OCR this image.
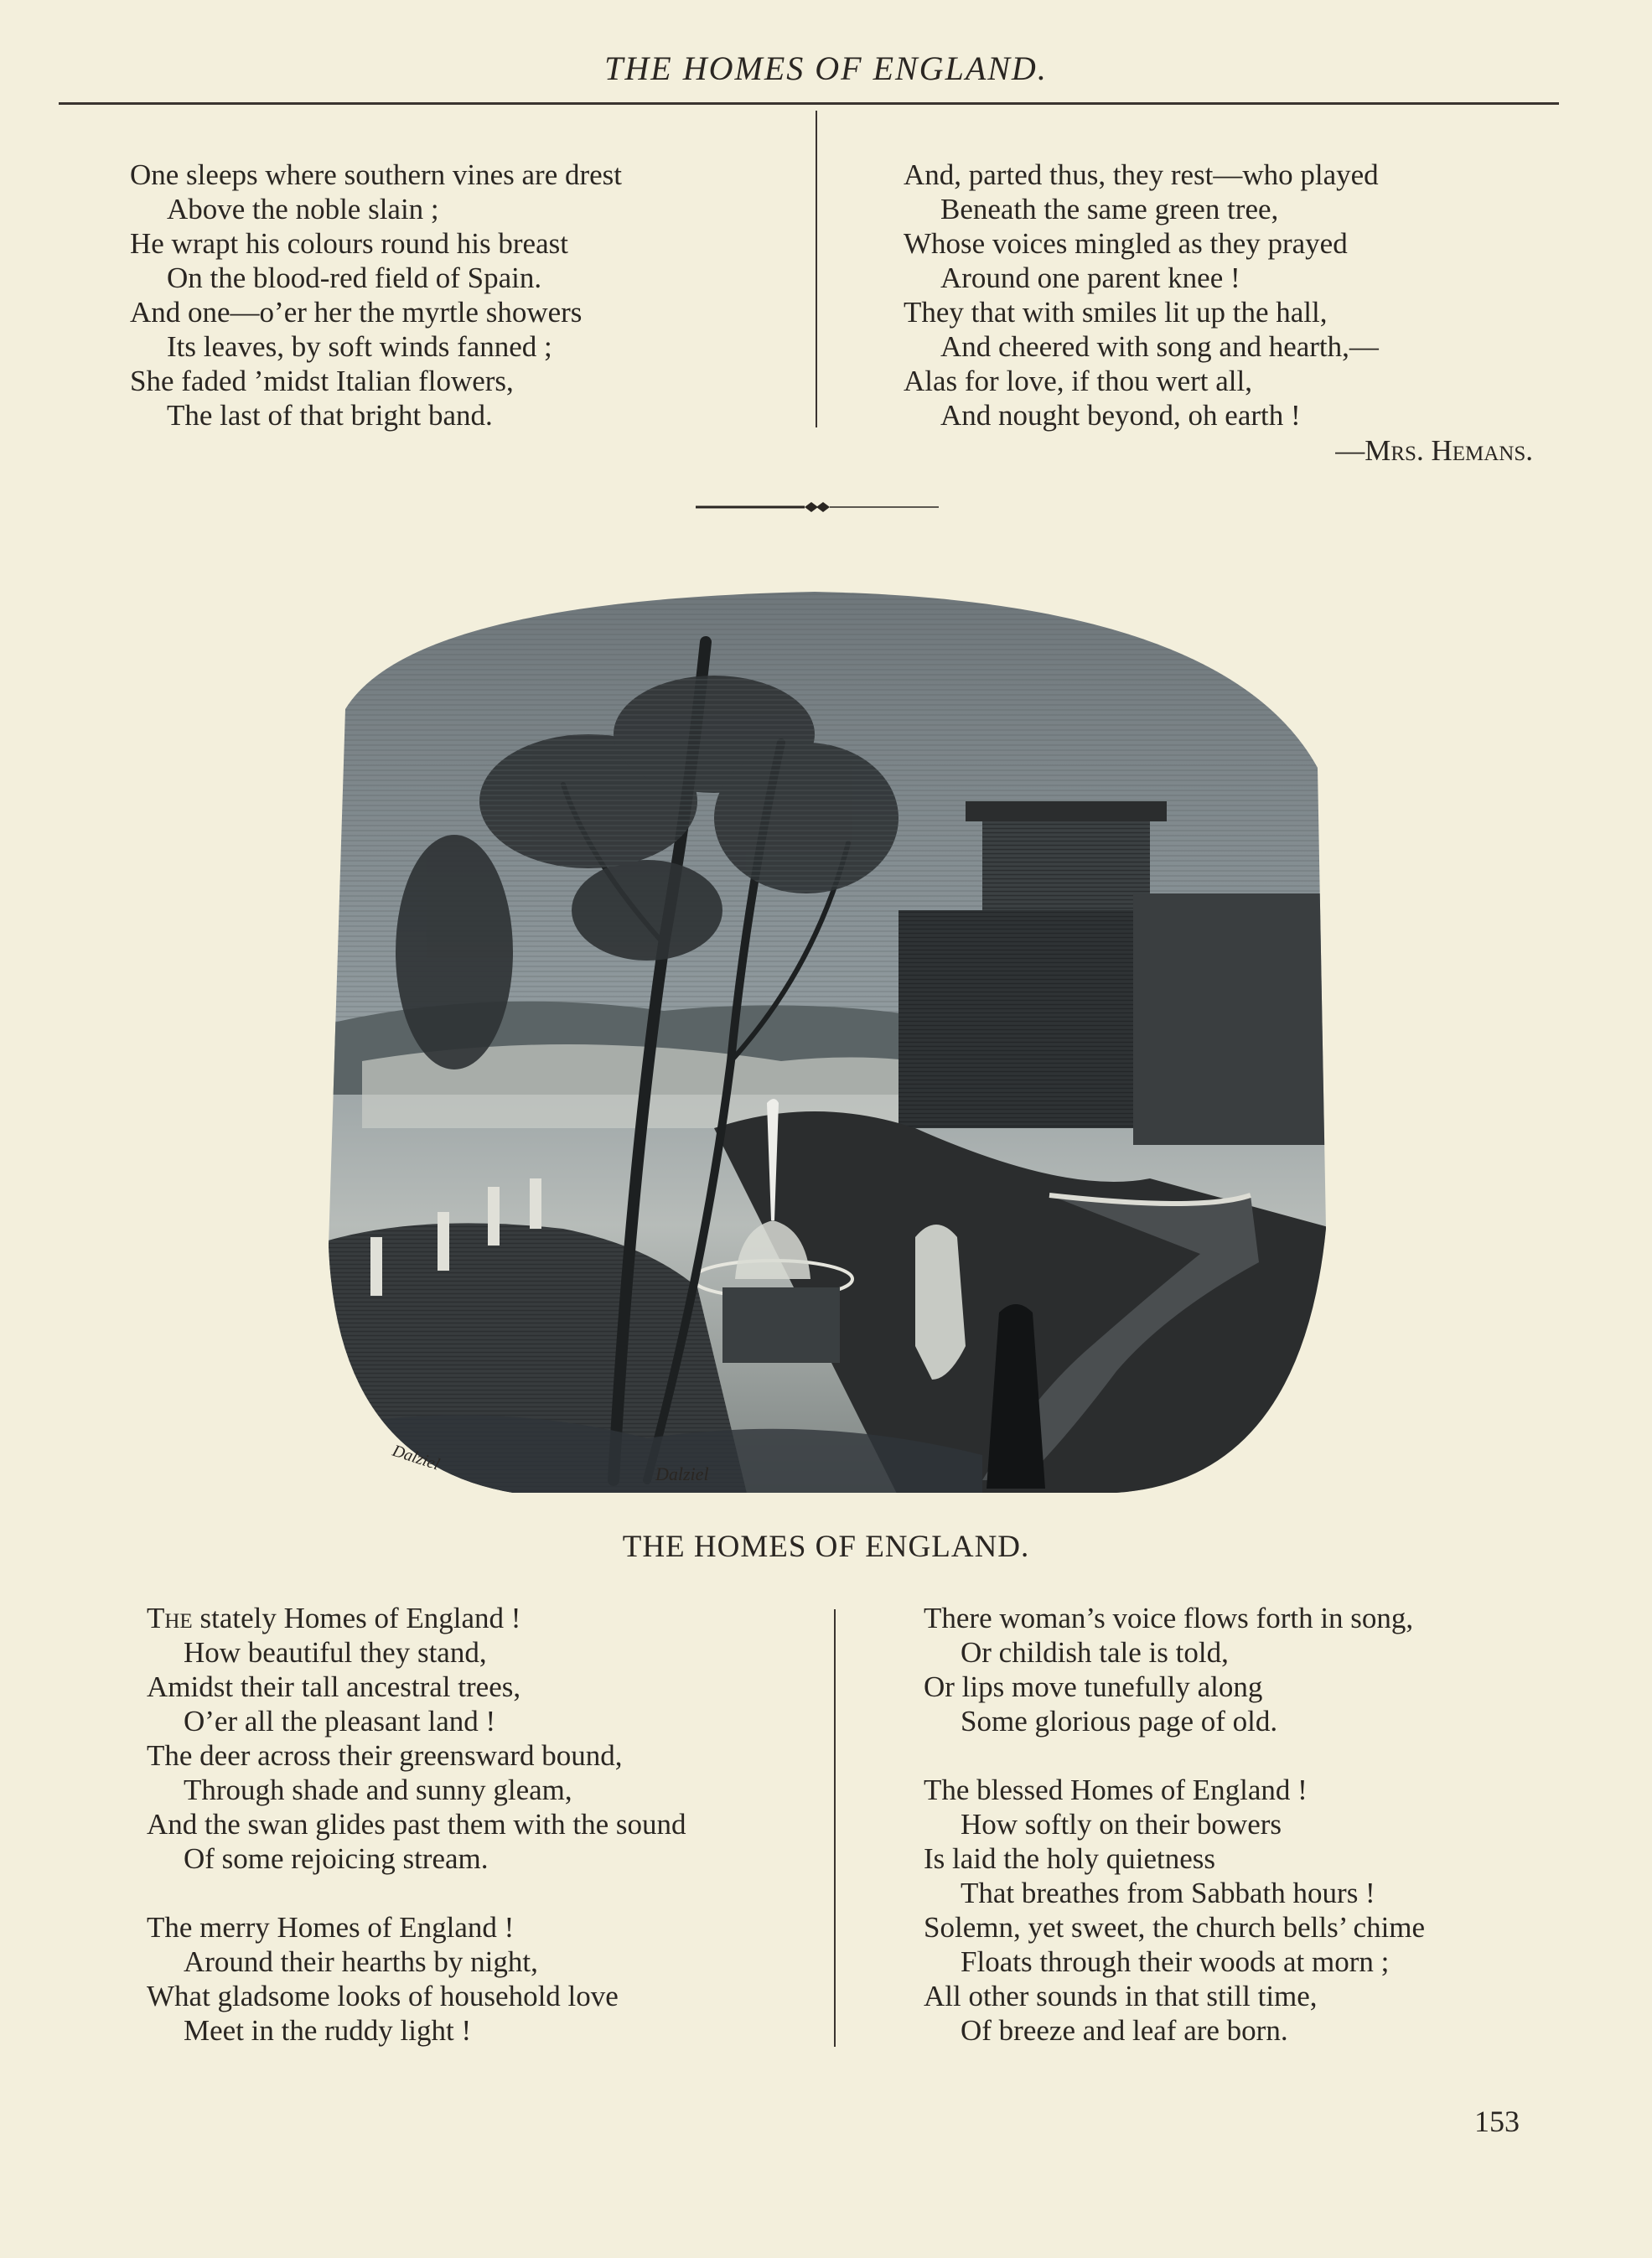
THE HOMES OF ENGLAND.
One sleeps where southern vines are drest
Above the noble slain ;
He wrapt his colours round his breast
On the blood-red field of Spain.
And one—o’er her the myrtle showers
Its leaves, by soft winds fanned ;
She faded ’midst Italian flowers,
The last of that bright band.
And, parted thus, they rest—who played
Beneath the same green tree,
Whose voices mingled as they prayed
Around one parent knee !
They that with smiles lit up the hall,
And cheered with song and hearth,—
Alas for love, if thou wert all,
And nought beyond, oh earth !
—Mrs. Hemans.
Dalziel	Dalziel
THE HOMES OF ENGLAND.
The stately Homes of England !
How beautiful they stand,
Amidst their tall ancestral trees,
O’er all the pleasant land !
The deer across their greensward bound,
Through shade and sunny gleam,
And the swan glides past them with the sound
Of some rejoicing stream.
The merry Homes of England !
Around their hearths by night,
What gladsome looks of household love
Meet in the ruddy light !
There woman’s voice flows forth in song,
Or childish tale is told,
Or lips move tunefully along
Some glorious page of old.
The blessed Homes of England !
How softly on their bowers
Is laid the holy quietness
That breathes from Sabbath hours !
Solemn, yet sweet, the church bells’ chime
Floats through their woods at morn ;
All other sounds in that still time,
Of breeze and leaf are born.
153
